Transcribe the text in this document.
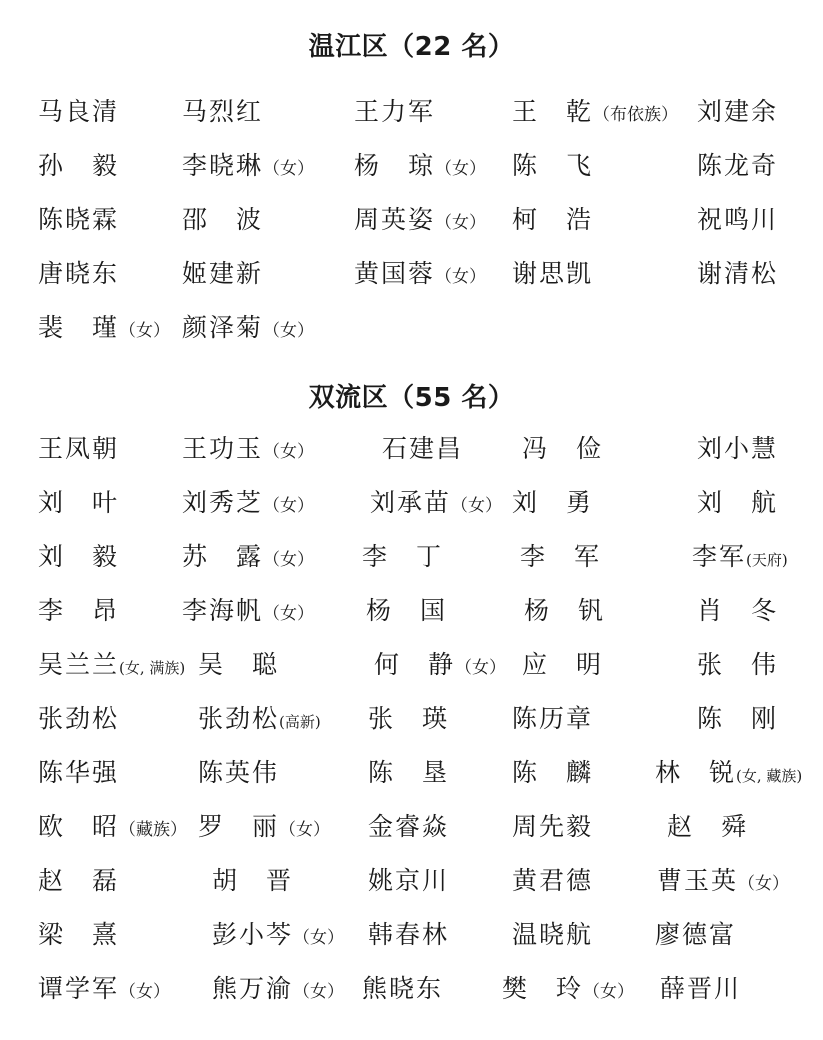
温江区（22 名）
马良清	马烈红	王力军	王　乾（布依族） 刘建余
孙　毅	李晓琳（女） 杨　琼（女） 陈　飞	陈龙奇
陈晓霖	邵　波	周英姿（女） 柯　浩	祝鸣川
唐晓东	姬建新	黄国蓉（女） 谢思凯	谢清松
裴　瑾（女） 颜泽菊（女）
双流区（55 名）
王凤朝	王功玉（女）	石建昌 冯　俭	刘小慧
刘　叶	刘秀芝（女） 刘承苗（女） 刘　勇	刘　航
刘　毅	苏　露（女） 李　丁	李　军	李军(天府)
李　昂	李海帆（女） 杨　国	杨　钒	肖　冬
吴兰兰(女, 满族) 吴　聪	何　静（女） 应　明	张　伟
张劲松	张劲松(高新) 张　瑛	陈历章	陈　刚
陈华强	陈英伟	陈　垦	陈　麟 林　锐(女, 藏族)
欧　昭（藏族） 罗　丽（女） 金睿焱	周先毅	赵　舜
赵　磊	胡　晋	姚京川	黄君德	曹玉英（女）
梁　熹	彭小芩（女） 韩春林	温晓航 廖德富
谭学军（女） 熊万渝（女） 熊晓东 樊　玲（女） 薛晋川
